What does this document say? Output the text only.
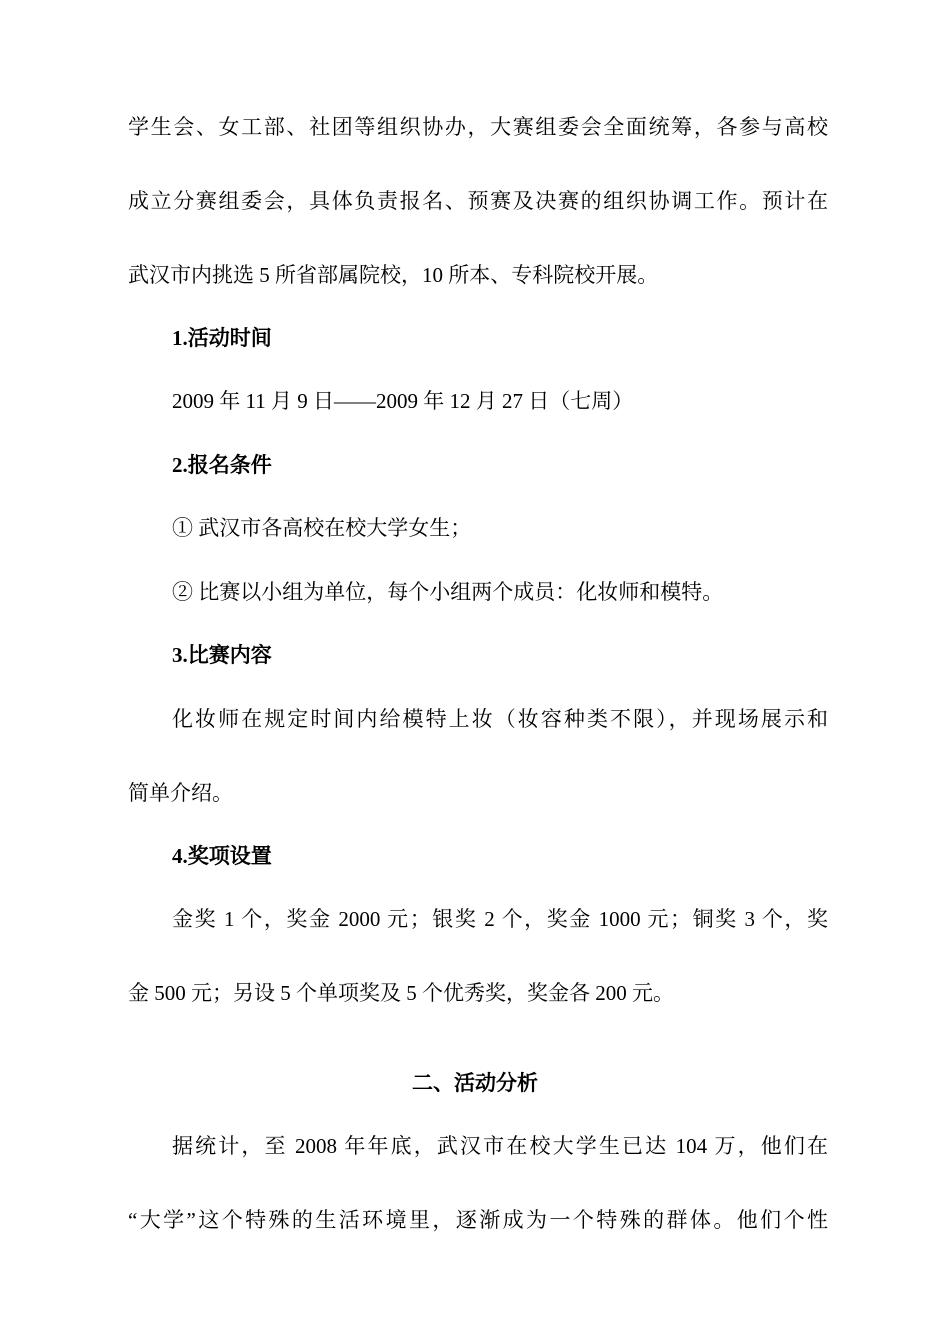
学生会、女工部、社团等组织协办，大赛组委会全面统筹，各参与高校
成立分赛组委会，具体负责报名、预赛及决赛的组织协调工作。预计在
武汉市内挑选 5 所省部属院校，10 所本、专科院校开展。
1.活动时间
2009 年 11 月 9 日——2009 年 12 月 27 日（七周）
2.报名条件
① 武汉市各高校在校大学女生；
② 比赛以小组为单位，每个小组两个成员：化妆师和模特。
3.比赛内容
化妆师在规定时间内给模特上妆（妆容种类不限），并现场展示和
简单介绍。
4.奖项设置
金奖 1 个，奖金 2000 元；银奖 2 个，奖金 1000 元；铜奖 3 个，奖
金 500 元；另设 5 个单项奖及 5 个优秀奖，奖金各 200 元。
二、活动分析
据统计，至 2008 年年底，武汉市在校大学生已达 104 万，他们在
“大学”这个特殊的生活环境里，逐渐成为一个特殊的群体。他们个性
